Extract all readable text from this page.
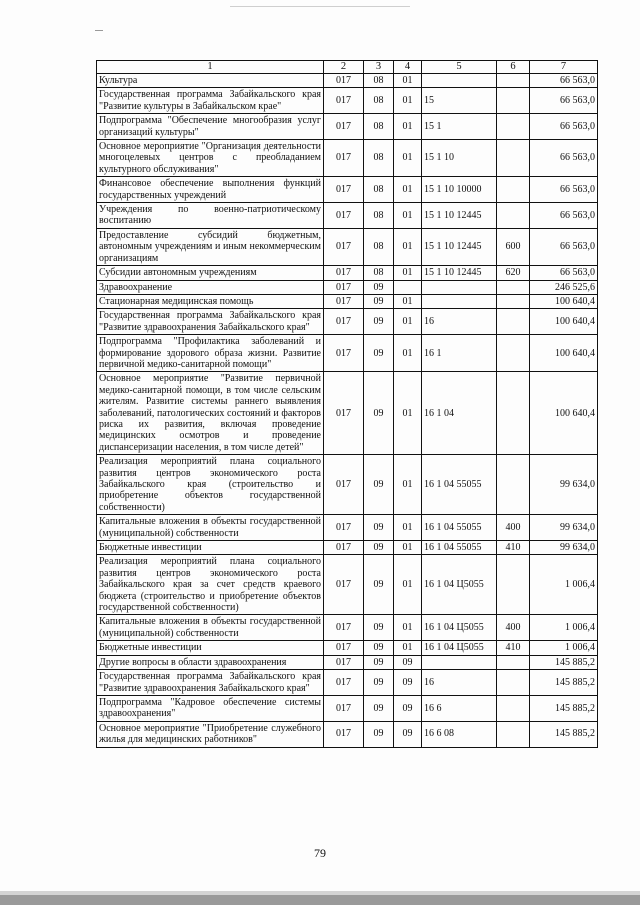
1	2	3	4	5	6	7
Культура	017	08	01			66 563,0
Государственная программа Забайкальского края "Развитие культуры в Забайкальском крае"	017	08	01	15		66 563,0
Подпрограмма "Обеспечение многообразия услуг организаций культуры"	017	08	01	15 1		66 563,0
Основное мероприятие "Организация деятельности многоцелевых центров с преобладанием культурного обслуживания"	017	08	01	15 1 10		66 563,0
Финансовое обеспечение выполнения функций государственных учреждений	017	08	01	15 1 10 10000		66 563,0
Учреждения по военно-патриотическому воспитанию	017	08	01	15 1 10 12445		66 563,0
Предоставление субсидий бюджетным, автономным учреждениям и иным некоммерческим организациям	017	08	01	15 1 10 12445	600	66 563,0
Субсидии автономным учреждениям	017	08	01	15 1 10 12445	620	66 563,0
Здравоохранение	017	09				246 525,6
Стационарная медицинская помощь	017	09	01			100 640,4
Государственная программа Забайкальского края "Развитие здравоохранения Забайкальского края"	017	09	01	16		100 640,4
Подпрограмма "Профилактика заболеваний и формирование здорового образа жизни. Развитие первичной медико-санитарной помощи"	017	09	01	16 1		100 640,4
Основное мероприятие "Развитие первичной медико-санитарной помощи, в том числе сельским жителям. Развитие системы раннего выявления заболеваний, патологических состояний и факторов риска их развития, включая проведение медицинских осмотров и проведение диспансеризации населения, в том числе детей"	017	09	01	16 1 04		100 640,4
Реализация мероприятий плана социального развития центров экономического роста Забайкальского края (строительство и приобретение объектов государственной собственности)	017	09	01	16 1 04 55055		99 634,0
Капитальные вложения в объекты государственной (муниципальной) собственности	017	09	01	16 1 04 55055	400	99 634,0
Бюджетные инвестиции	017	09	01	16 1 04 55055	410	99 634,0
Реализация мероприятий плана социального развития центров экономического роста Забайкальского края за счет средств краевого бюджета (строительство и приобретение объектов государственной собственности)	017	09	01	16 1 04 Ц5055		1 006,4
Капитальные вложения в объекты государственной (муниципальной) собственности	017	09	01	16 1 04 Ц5055	400	1 006,4
Бюджетные инвестиции	017	09	01	16 1 04 Ц5055	410	1 006,4
Другие вопросы в области здравоохранения	017	09	09			145 885,2
Государственная программа Забайкальского края "Развитие здравоохранения Забайкальского края"	017	09	09	16		145 885,2
Подпрограмма "Кадровое обеспечение системы здравоохранения"	017	09	09	16 6		145 885,2
Основное мероприятие "Приобретение служебного жилья для медицинских работников"	017	09	09	16 6 08		145 885,2
79
